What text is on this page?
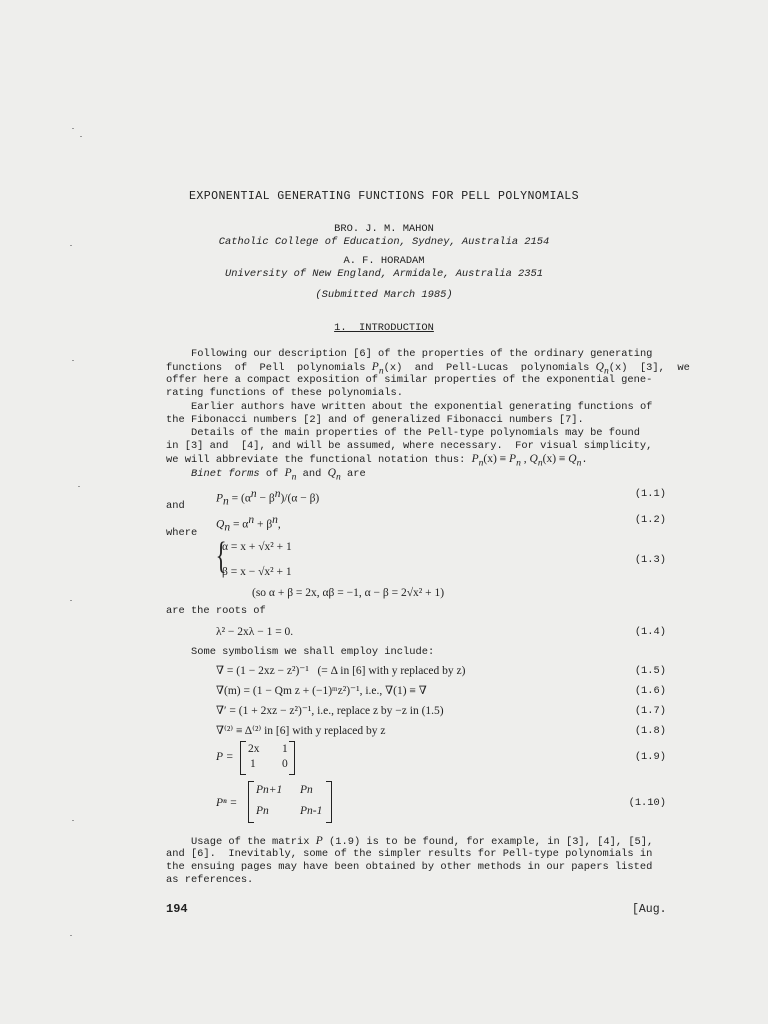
EXPONENTIAL GENERATING FUNCTIONS FOR PELL POLYNOMIALS
BRO. J. M. MAHON
Catholic College of Education, Sydney, Australia 2154
A. F. HORADAM
University of New England, Armidale, Australia 2351
(Submitted March 1985)
1.  INTRODUCTION
Following our description [6] of the properties of the ordinary generating
functions  of  Pell  polynomials $P_n(x)$  and  Pell-Lucas  polynomials $Q_n(x)$  [3],  we
offer here a compact exposition of similar properties of the exponential gene-
rating functions of these polynomials.
Earlier authors have written about the exponential generating functions of
the Fibonacci numbers [2] and of generalized Fibonacci numbers [7].
Details of the main properties of the Pell-type polynomials may be found
in [3] and  [4], and will be assumed, where necessary.  For visual simplicity,
we will abbreviate the functional notation thus: $P_n(x) \equiv P_n$ , $Q_n(x) \equiv Q_n$.
Binet forms of $P_n$ and $Q_n$ are
$P_n = (\alpha^n - \beta^n)/(\alpha - \beta)$	(1.1)
and
$Q_n = \alpha^n + \beta^n$,	(1.2)
where
{
α = x + √x² + 1
β = x − √x² + 1
(1.3)
(so α + β = 2x, αβ = −1, α − β = 2√x² + 1)
are the roots of
λ² − 2xλ − 1 = 0.	(1.4)
Some symbolism we shall employ include:
∇ = (1 − 2xz − z²)⁻¹   (= Δ in [6] with y replaced by z)	(1.5)
∇(m) = (1 − Qm z + (−1)ᵐz²)⁻¹, i.e., ∇(1) ≡ ∇	(1.6)
∇′ = (1 + 2xz − z²)⁻¹, i.e., replace z by −z in (1.5)	(1.7)
∇⁽²⁾ ≡ Δ⁽²⁾ in [6] with y replaced by z	(1.8)
P =
2x 1
1 0
(1.9)
Pⁿ =
Pn+1 Pn
Pn	Pn-1
(1.10)
Usage of the matrix P (1.9) is to be found, for example, in [3], [4], [5],
and [6].  Inevitably, some of the simpler results for Pell-type polynomials in
the ensuing pages may have been obtained by other methods in our papers listed
as references.
194	[Aug.
